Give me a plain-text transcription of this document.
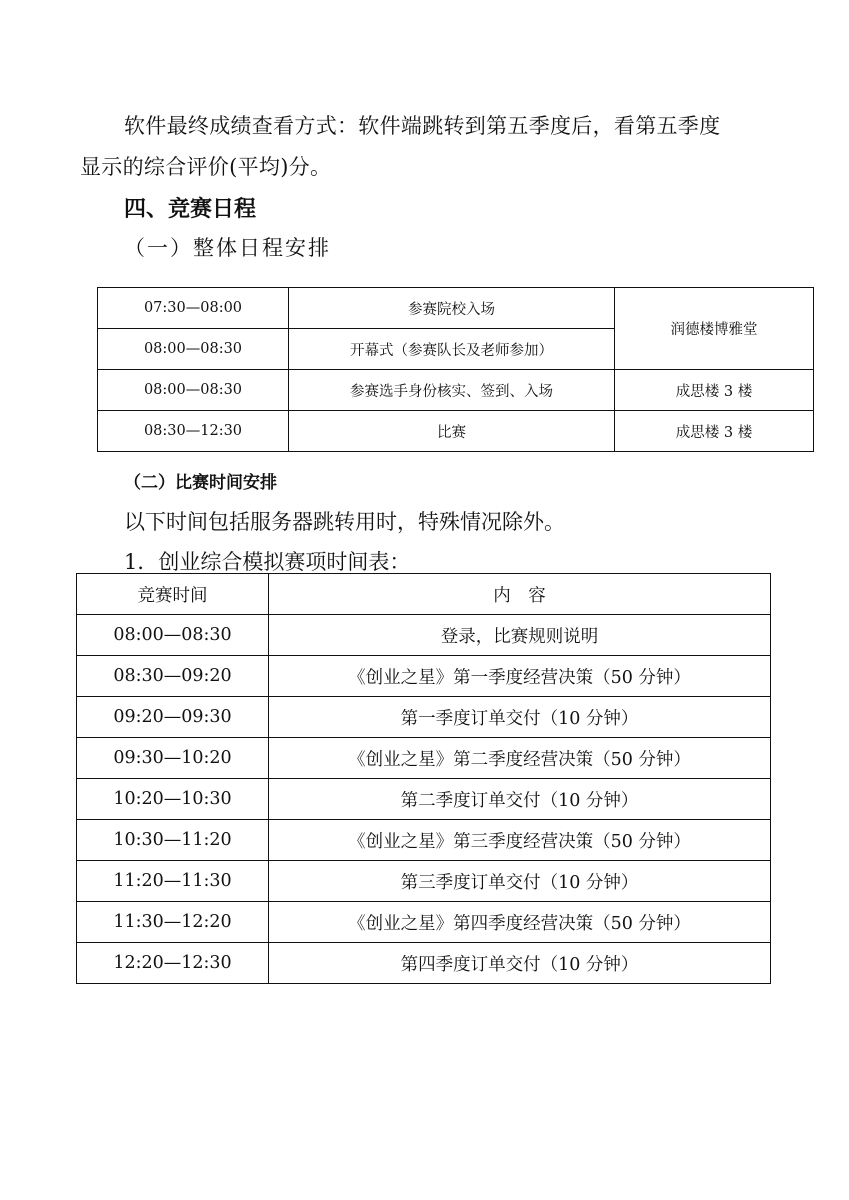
软件最终成绩查看方式：软件端跳转到第五季度后，看第五季度

显示的综合评价(平均)分。

四、竞赛日程

（一）整体日程安排

07:30—08:00	参赛院校入场	润德楼博雅堂
08:00—08:30	开幕式（参赛队长及老师参加）	
08:00—08:30	参赛选手身份核实、签到、入场	成思楼 3 楼
08:30—12:30	比赛	成思楼 3 楼

（二）比赛时间安排

以下时间包括服务器跳转用时，特殊情况除外。

1．创业综合模拟赛项时间表：

竞赛时间	内　容
08:00—08:30	登录，比赛规则说明
08:30—09:20	《创业之星》第一季度经营决策（50 分钟）
09:20—09:30	第一季度订单交付（10 分钟）
09:30—10:20	《创业之星》第二季度经营决策（50 分钟）
10:20—10:30	第二季度订单交付（10 分钟）
10:30—11:20	《创业之星》第三季度经营决策（50 分钟）
11:20—11:30	第三季度订单交付（10 分钟）
11:30—12:20	《创业之星》第四季度经营决策（50 分钟）
12:20—12:30	第四季度订单交付（10 分钟）
